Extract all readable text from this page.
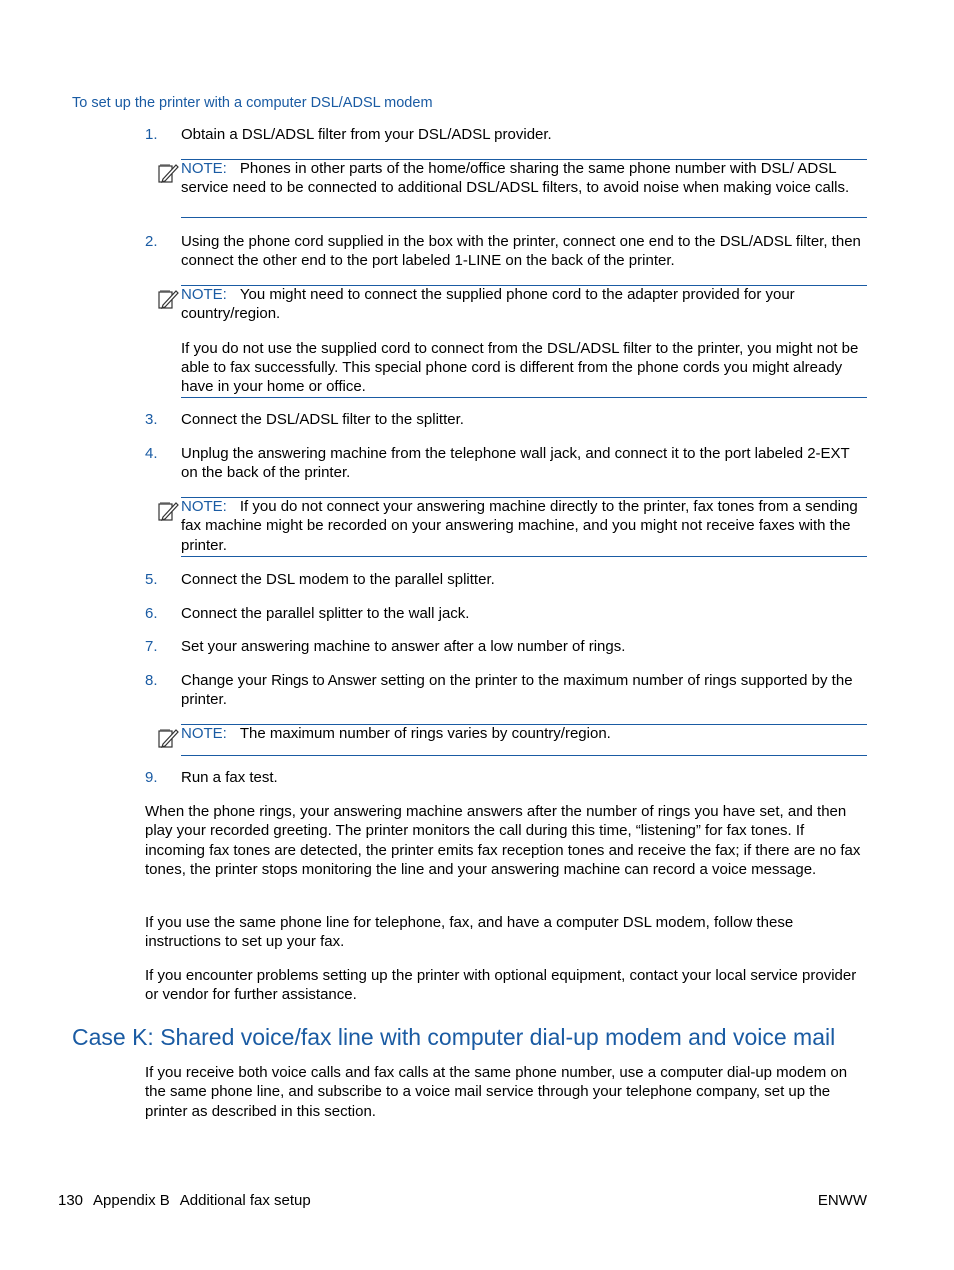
To set up the printer with a computer DSL/ADSL modem
1.	Obtain a DSL/ADSL filter from your DSL/ADSL provider.

NOTE: Phones in other parts of the home/office sharing the same phone number with DSL/ ADSL service need to be connected to additional DSL/ADSL filters, to avoid noise when making voice calls.

2.	Using the phone cord supplied in the box with the printer, connect one end to the DSL/ADSL filter, then connect the other end to the port labeled 1-LINE on the back of the printer.

NOTE: You might need to connect the supplied phone cord to the adapter provided for your country/region.

If you do not use the supplied cord to connect from the DSL/ADSL filter to the printer, you might not be able to fax successfully. This special phone cord is different from the phone cords you might already have in your home or office.

3.	Connect the DSL/ADSL filter to the splitter.
4.	Unplug the answering machine from the telephone wall jack, and connect it to the port labeled 2-EXT on the back of the printer.

NOTE: If you do not connect your answering machine directly to the printer, fax tones from a sending fax machine might be recorded on your answering machine, and you might not receive faxes with the printer.

5.	Connect the DSL modem to the parallel splitter.
6.	Connect the parallel splitter to the wall jack.
7.	Set your answering machine to answer after a low number of rings.
8.	Change your Rings to Answer setting on the printer to the maximum number of rings supported by the printer.

NOTE: The maximum number of rings varies by country/region.

9.	Run a fax test.

When the phone rings, your answering machine answers after the number of rings you have set, and then play your recorded greeting. The printer monitors the call during this time, “listening” for fax tones. If incoming fax tones are detected, the printer emits fax reception tones and receive the fax; if there are no fax tones, the printer stops monitoring the line and your answering machine can record a voice message.

If you use the same phone line for telephone, fax, and have a computer DSL modem, follow these instructions to set up your fax.

If you encounter problems setting up the printer with optional equipment, contact your local service provider or vendor for further assistance.

Case K: Shared voice/fax line with computer dial-up modem and voice mail

If you receive both voice calls and fax calls at the same phone number, use a computer dial-up modem on the same phone line, and subscribe to a voice mail service through your telephone company, set up the printer as described in this section.

130 Appendix B Additional fax setup	ENWW
